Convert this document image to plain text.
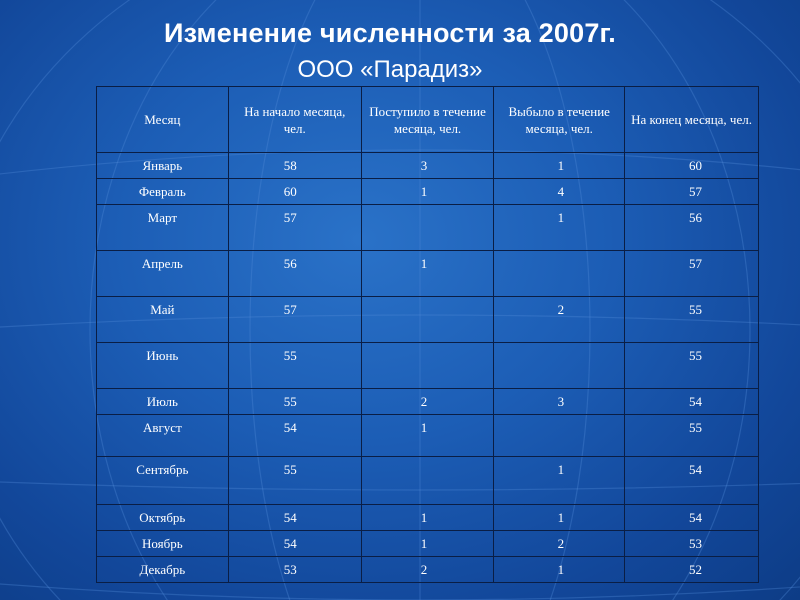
Изменение численности за 2007г.
ООО «Парадиз»
Месяц	На начало месяца, чел.	Поступило в течение месяца, чел.	Выбыло в течение месяца, чел.	На конец месяца, чел.
Январь	58	3	1	60
Февраль	60	1	4	57
Март	57		1	56
Апрель	56	1		57
Май	57		2	55
Июнь	55			55
Июль	55	2	3	54
Август	54	1		55
Сентябрь	55		1	54
Октябрь	54	1	1	54
Ноябрь	54	1	2	53
Декабрь	53	2	1	52
